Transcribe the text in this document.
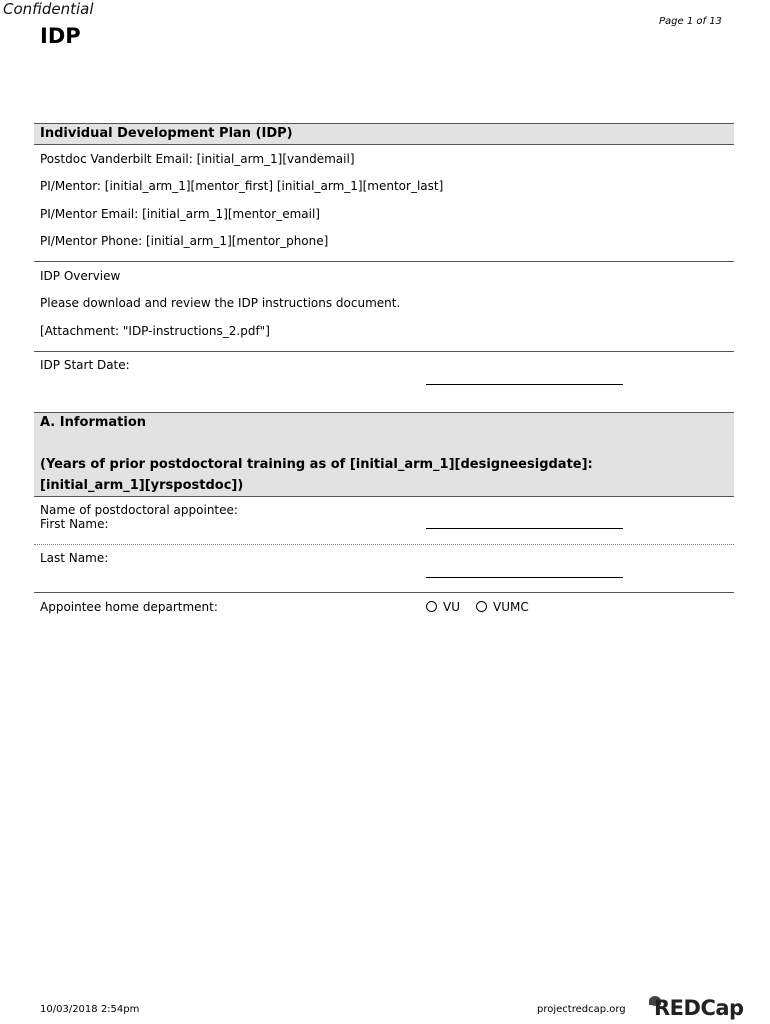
Confidential
Page 1 of 13
IDP
Individual Development Plan (IDP)
Postdoc Vanderbilt Email: [initial_arm_1][vandemail]
PI/Mentor: [initial_arm_1][mentor_first] [initial_arm_1][mentor_last]
PI/Mentor Email: [initial_arm_1][mentor_email]
PI/Mentor Phone: [initial_arm_1][mentor_phone]
IDP Overview
Please download and review the IDP instructions document.
[Attachment: "IDP-instructions_2.pdf"]
IDP Start Date:
A. Information
(Years of prior postdoctoral training as of [initial_arm_1][designeesigdate]:
[initial_arm_1][yrspostdoc])
Name of postdoctoral appointee:
First Name:
Last Name:
Appointee home department:	VU	VUMC
10/03/2018 2:54pm	projectredcap.org REDCap
